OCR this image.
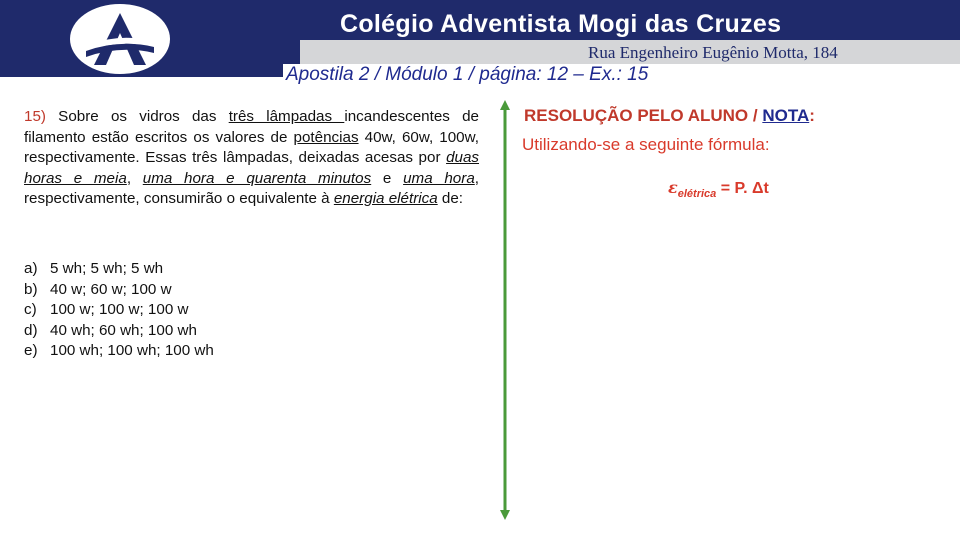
Colégio Adventista Mogi das Cruzes
Rua Engenheiro Eugênio Motta, 184
Apostila 2 / Módulo 1 / página: 12 – Ex.: 15
15) Sobre os vidros das três lâmpadas incandescentes de filamento estão escritos os valores de potências 40w, 60w, 100w, respectivamente. Essas três lâmpadas, deixadas acesas por duas horas e meia, uma hora e quarenta minutos e uma hora, respectivamente, consumirão o equivalente à energia elétrica de:
a) 5 wh; 5 wh; 5 wh
b) 40 w; 60 w; 100 w
c) 100 w; 100 w; 100 w
d) 40 wh; 60 wh; 100 wh
e) 100 wh; 100 wh; 100 wh
RESOLUÇÃO PELO ALUNO / NOTA:
Utilizando-se a seguinte fórmula:
$\varepsilon_{elétrica} = P$. Δt
